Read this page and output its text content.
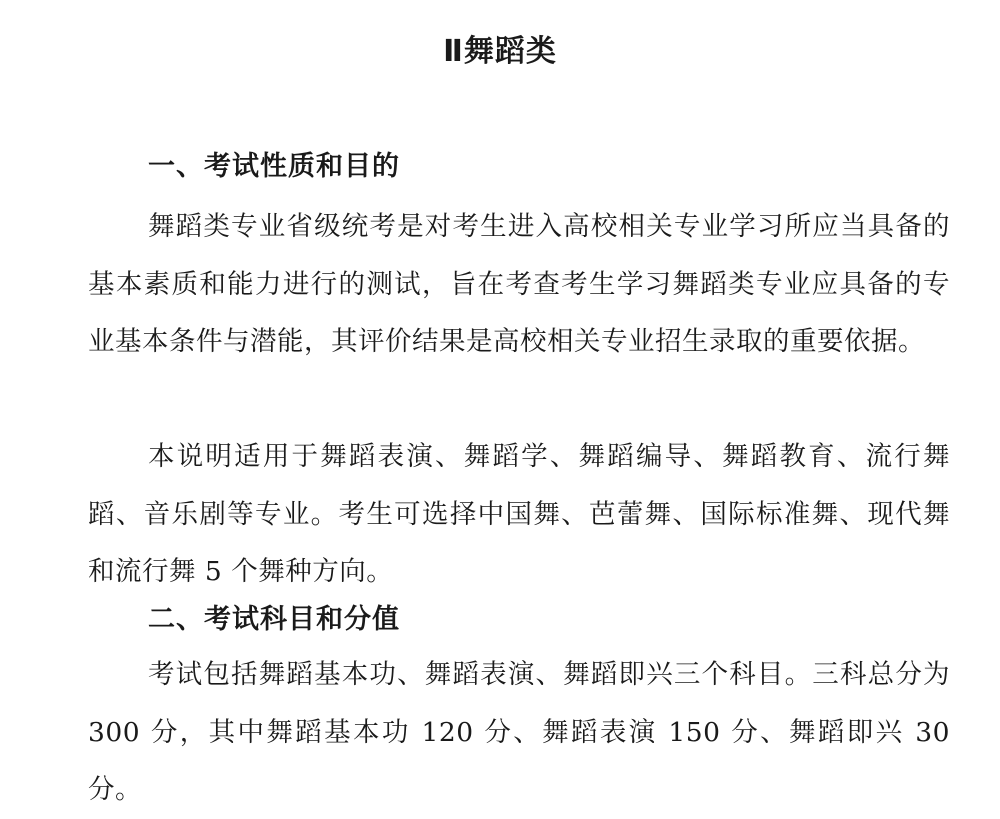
Ⅱ舞蹈类
一、考试性质和目的
舞蹈类专业省级统考是对考生进入高校相关专业学习所应当具备的基本素质和能力进行的测试，旨在考查考生学习舞蹈类专业应具备的专业基本条件与潜能，其评价结果是高校相关专业招生录取的重要依据。
本说明适用于舞蹈表演、舞蹈学、舞蹈编导、舞蹈教育、流行舞蹈、音乐剧等专业。考生可选择中国舞、芭蕾舞、国际标准舞、现代舞和流行舞 5 个舞种方向。
二、考试科目和分值
考试包括舞蹈基本功、舞蹈表演、舞蹈即兴三个科目。三科总分为 300 分，其中舞蹈基本功 120 分、舞蹈表演 150 分、舞蹈即兴 30 分。
